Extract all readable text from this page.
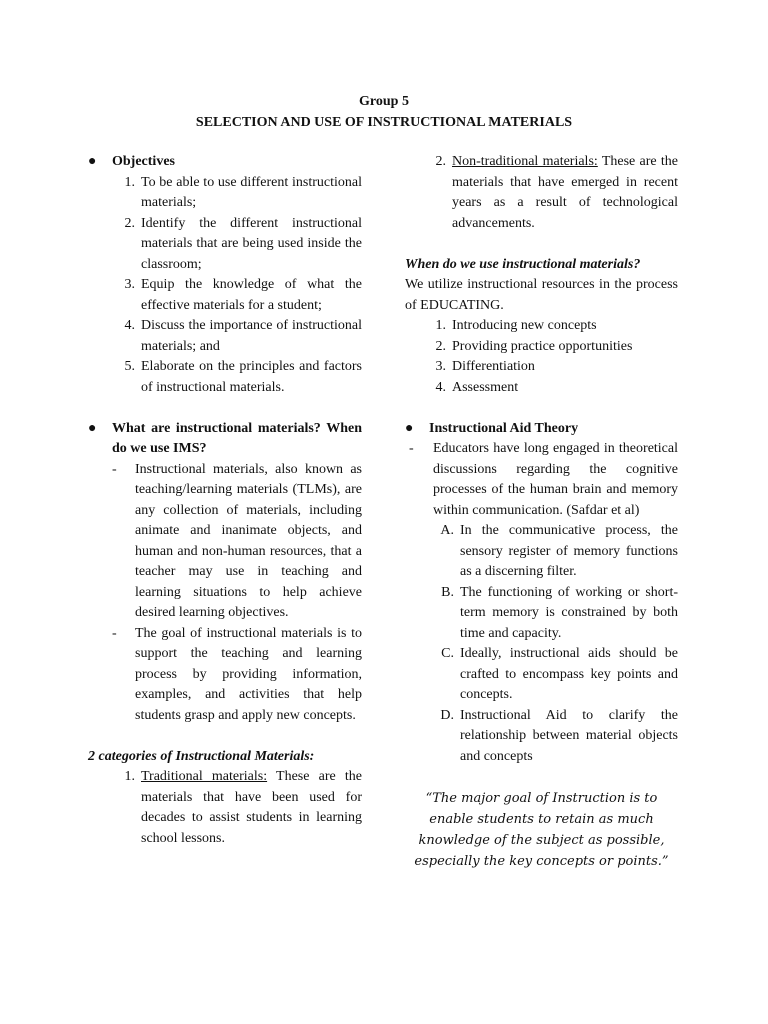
Group 5
SELECTION AND USE OF INSTRUCTIONAL MATERIALS
●	Objectives
1. To be able to use different instructional materials;
2. Identify the different instructional materials that are being used inside the classroom;
3. Equip the knowledge of what the effective materials for a student;
4. Discuss the importance of instructional materials; and
5. Elaborate on the principles and factors of instructional materials.
●	What are instructional materials? When do we use IMS?
-	Instructional materials, also known as teaching/learning materials (TLMs), are any collection of materials, including animate and inanimate objects, and human and non-human resources, that a teacher may use in teaching and learning situations to help achieve desired learning objectives.
-	The goal of instructional materials is to support the teaching and learning process by providing information, examples, and activities that help students grasp and apply new concepts.
2 categories of Instructional Materials:
1. Traditional materials: These are the materials that have been used for decades to assist students in learning school lessons.
2. Non-traditional materials: These are the materials that have emerged in recent years as a result of technological advancements.
When do we use instructional materials?
We utilize instructional resources in the process of EDUCATING.
1. Introducing new concepts
2. Providing practice opportunities
3. Differentiation
4. Assessment
●	Instructional Aid Theory
-	Educators have long engaged in theoretical discussions regarding the cognitive processes of the human brain and memory within communication. (Safdar et al)
A. In the communicative process, the sensory register of memory functions as a discerning filter.
B. The functioning of working or short-term memory is constrained by both time and capacity.
C. Ideally, instructional aids should be crafted to encompass key points and concepts.
D. Instructional Aid to clarify the relationship between material objects and concepts
“The major goal of Instruction is to enable students to retain as much knowledge of the subject as possible, especially the key concepts or points.”
